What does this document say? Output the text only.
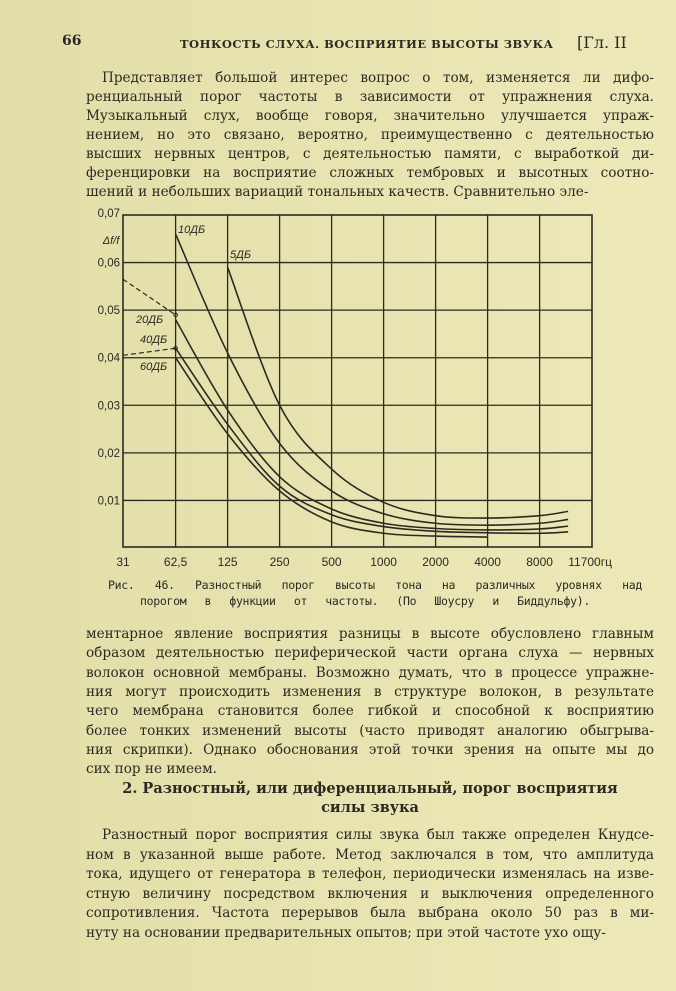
66	ТОНКОСТЬ СЛУХА. ВОСПРИЯТИЕ ВЫСОТЫ ЗВУКА [Гл. II
Представляет большой интерес вопрос о том, изменяется ли дифо-
ренциальный порог частоты в зависимости от упражнения слуха.
Музыкальный слух, вообще говоря, значительно улучшается упраж-
нением, но это связано, вероятно, преимущественно с деятельностью
высших нервных центров, с деятельностью памяти, с выработкой ди-
ференцировки на восприятие сложных тембровых и высотных соотно-
шений и небольших вариаций тональных качеств. Сравнительно эле-
31	62,5	125	250	500 1000 2000 4000 8000 11700гц
0,07
0,06
0,05
0,04
0,03
0,02
0,01
Δf/f
10ДБ
5ДБ
20ДБ
40ДБ
60ДБ
Рис. 46. Разностный порог высоты тона на различных уровнях над
порогом в функции от частоты. (По Шоусру и Биддульфу).
ментарное явление восприятия разницы в высоте обусловлено главным
образом деятельностью периферической части органа слуха — нервных
волокон основной мембраны. Возможно думать, что в процессе упражне-
ния могут происходить изменения в структуре волокон, в результате
чего мембрана становится более гибкой и способной к восприятию
более тонких изменений высоты (часто приводят аналогию обыгрыва-
ния скрипки). Однако обоснования этой точки зрения на опыте мы до
сих пор не имеем.
2. Разностный, или диференциальный, порог восприятия
силы звука
Разностный порог восприятия силы звука был также определен Кнудсе-
ном в указанной выше работе. Метод заключался в том, что амплитуда
тока, идущего от генератора в телефон, периодически изменялась на изве-
стную величину посредством включения и выключения определенного
сопротивления. Частота перерывов была выбрана около 50 раз в ми-
нуту на основании предварительных опытов; при этой частоте ухо ощу-
